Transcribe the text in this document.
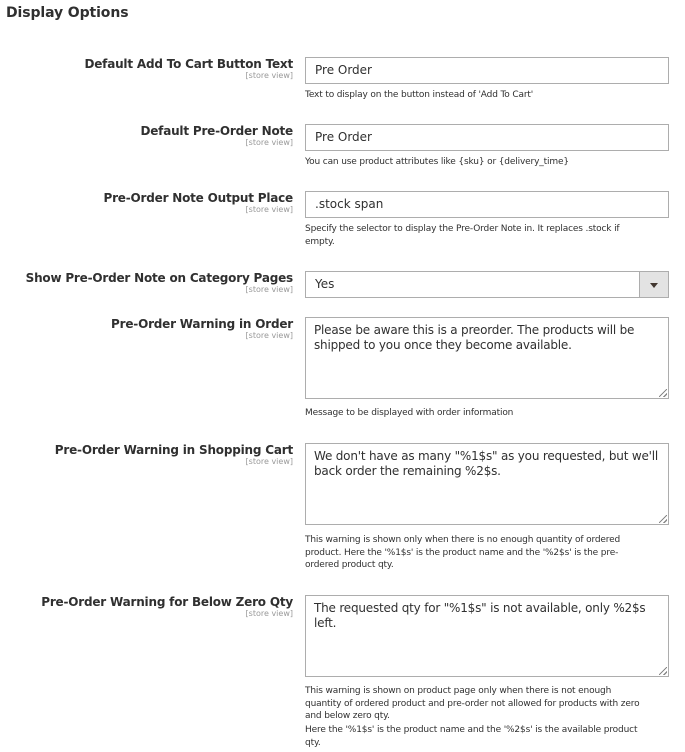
Display Options
Default Add To Cart Button Text
[store view]	Pre Order
Text to display on the button instead of 'Add To Cart'
Default Pre-Order Note
[store view]	Pre Order
You can use product attributes like {sku} or {delivery_time}
Pre-Order Note Output Place
[store view]	.stock span
Specify the selector to display the Pre-Order Note in. It replaces .stock if empty.
Show Pre-Order Note on Category Pages
[store view]	Yes
Pre-Order Warning in Order
[store view]
Please be aware this is a preorder. The products will be shipped to you once they become available.
Message to be displayed with order information
Pre-Order Warning in Shopping Cart
[store view]
We don't have as many "%1$s" as you requested, but we'll back order the remaining %2$s.
This warning is shown only when there is no enough quantity of ordered product. Here the '%1$s' is the product name and the '%2$s' is the pre-ordered product qty.
Pre-Order Warning for Below Zero Qty
[store view]
The requested qty for "%1$s" is not available, only %2$s left.
This warning is shown on product page only when there is not enough quantity of ordered product and pre-order not allowed for products with zero and below zero qty.
Here the '%1$s' is the product name and the '%2$s' is the available product qty.
